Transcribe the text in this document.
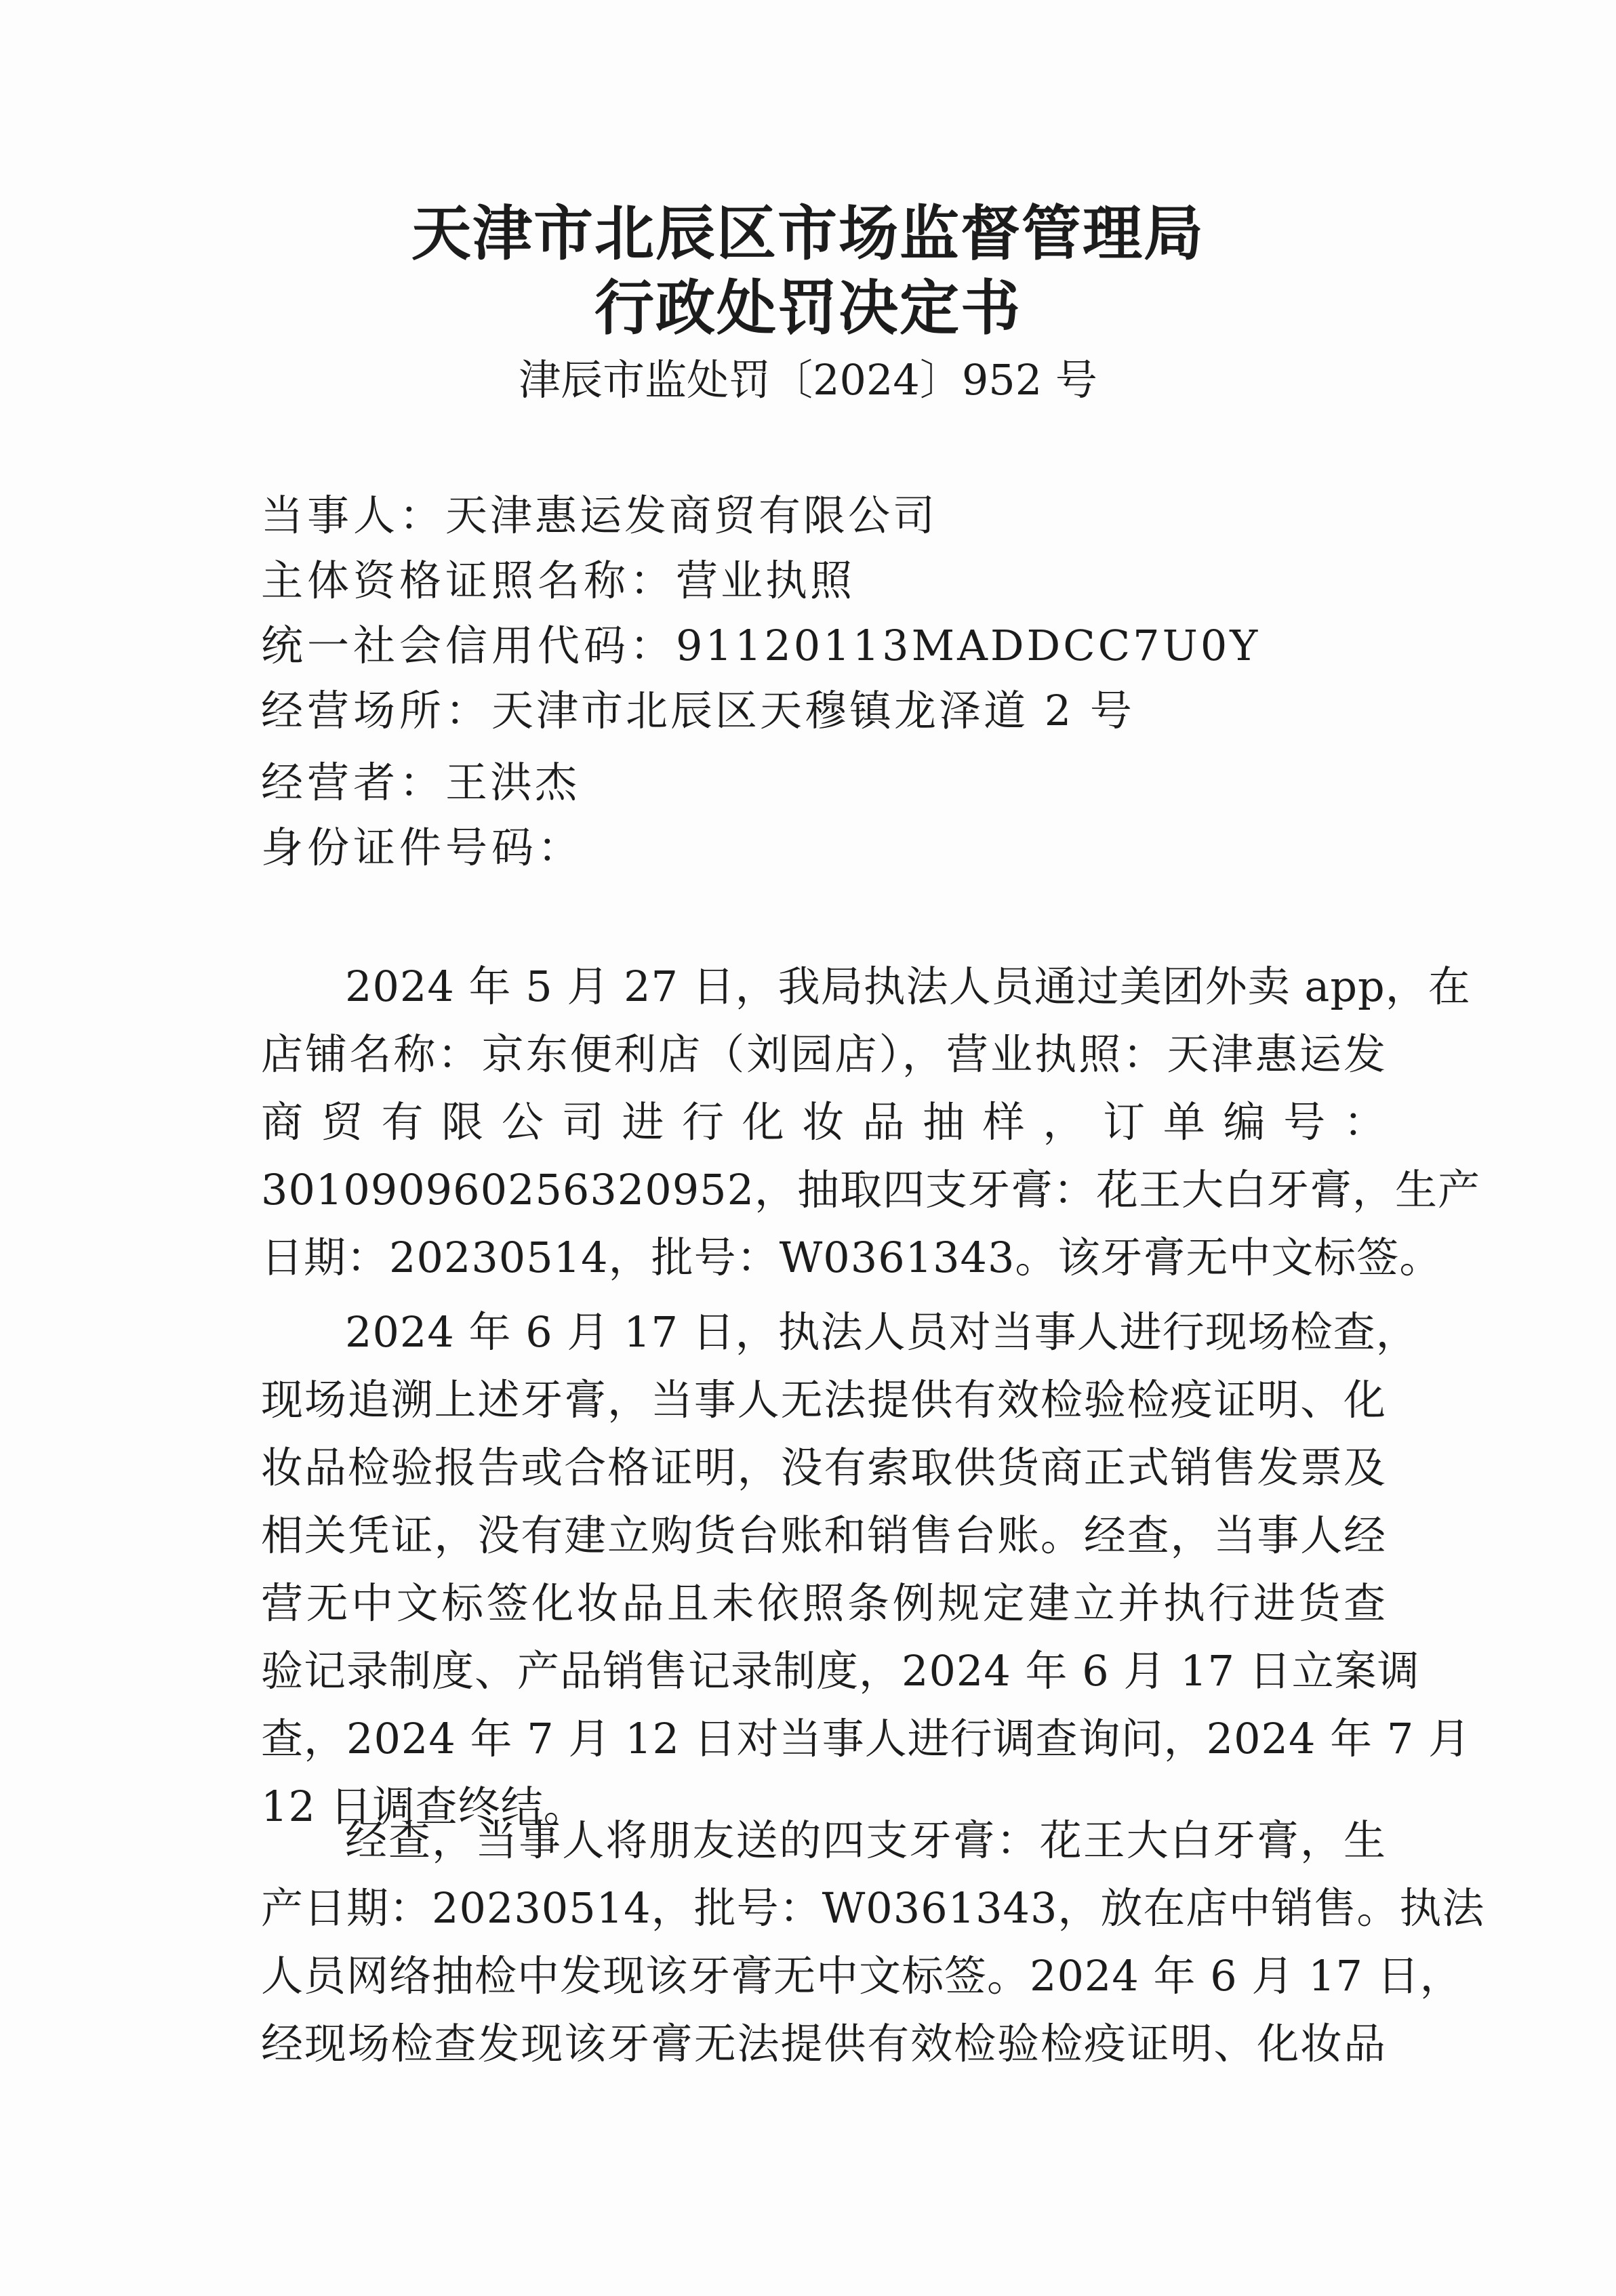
天津市北辰区市场监督管理局
行政处罚决定书
津辰市监处罚〔2024〕952 号
当事人：天津惠运发商贸有限公司
主体资格证照名称：营业执照
统一社会信用代码：91120113MADDCC7U0Y
经营场所：天津市北辰区天穆镇龙泽道 2 号
经营者：王洪杰
身份证件号码：
2024 年 5 月 27 日，我局执法人员通过美团外卖 app，在
店铺名称：京东便利店（刘园店），营业执照：天津惠运发
商 贸 有 限 公 司 进 行 化 妆 品 抽 样 ， 订 单 编 号 ：
301090960256320952，抽取四支牙膏：花王大白牙膏，生产
日期：20230514，批号：W0361343。该牙膏无中文标签。
2024 年 6 月 17 日，执法人员对当事人进行现场检查，
现场追溯上述牙膏，当事人无法提供有效检验检疫证明、化
妆品检验报告或合格证明，没有索取供货商正式销售发票及
相关凭证，没有建立购货台账和销售台账。经查，当事人经
营无中文标签化妆品且未依照条例规定建立并执行进货查
验记录制度、产品销售记录制度，2024 年 6 月 17 日立案调
查，2024 年 7 月 12 日对当事人进行调查询问，2024 年 7 月
12 日调查终结。
经查，当事人将朋友送的四支牙膏：花王大白牙膏，生
产日期：20230514，批号：W0361343，放在店中销售。执法
人员网络抽检中发现该牙膏无中文标签。2024 年 6 月 17 日，
经现场检查发现该牙膏无法提供有效检验检疫证明、化妆品
